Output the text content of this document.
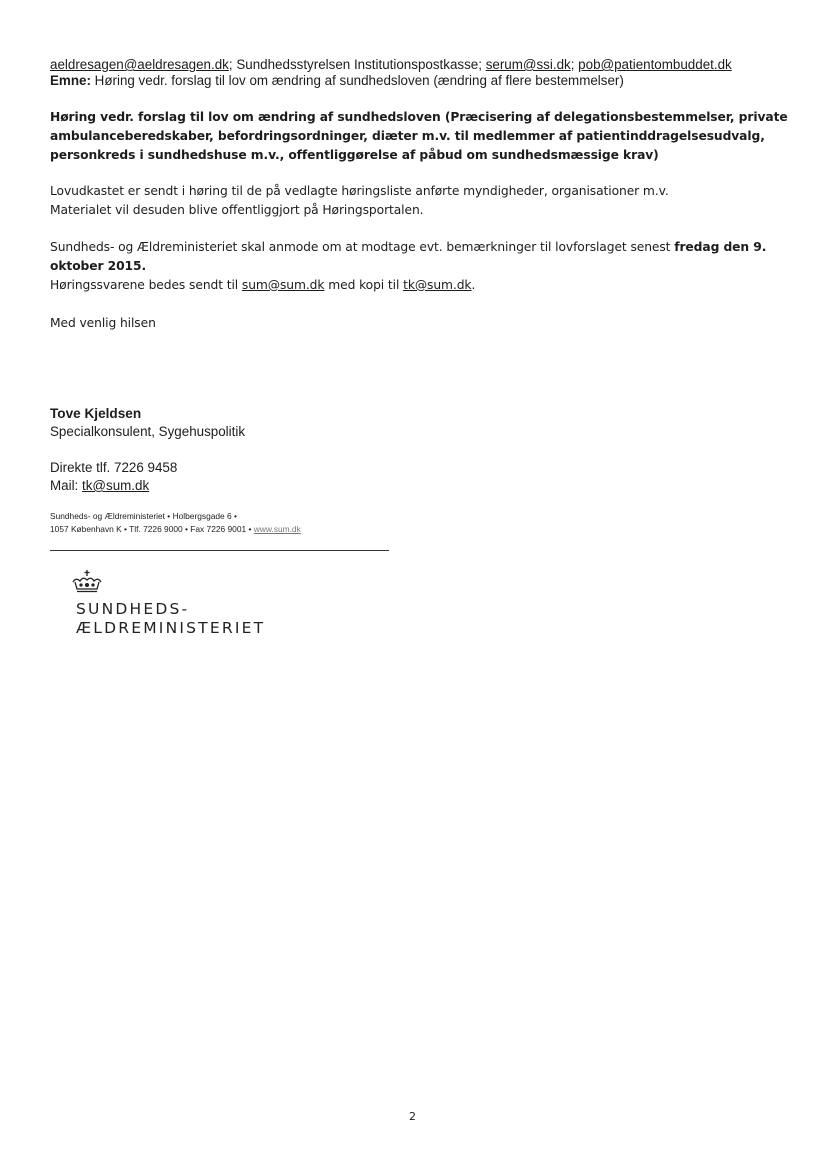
aeldresagen@aeldresagen.dk; Sundhedsstyrelsen Institutionspostkasse; serum@ssi.dk; pob@patientombuddet.dk
Emne: Høring vedr. forslag til lov om ændring af sundhedsloven (ændring af flere bestemmelser)
Høring vedr. forslag til lov om ændring af sundhedsloven (Præcisering af delegationsbestemmelser, private
ambulanceberedskaber, befordringsordninger, diæter m.v. til medlemmer af patientinddragelsesudvalg,
personkreds i sundhedshuse m.v., offentliggørelse af påbud om sundhedsmæssige krav)
Lovudkastet er sendt i høring til de på vedlagte høringsliste anførte myndigheder, organisationer m.v.
Materialet vil desuden blive offentliggjort på Høringsportalen.
Sundheds- og Ældreministeriet skal anmode om at modtage evt. bemærkninger til lovforslaget senest fredag den 9.
oktober 2015.
Høringssvarene bedes sendt til sum@sum.dk med kopi til tk@sum.dk.
Med venlig hilsen
Tove Kjeldsen
Specialkonsulent, Sygehuspolitik
Direkte tlf. 7226 9458
Mail: tk@sum.dk
Sundheds- og Ældreministeriet • Holbergsgade 6 •
1057 København K • Tlf. 7226 9000 • Fax 7226 9001 • www.sum.dk
SUNDHEDS-
ÆLDREMINISTERIET
2
